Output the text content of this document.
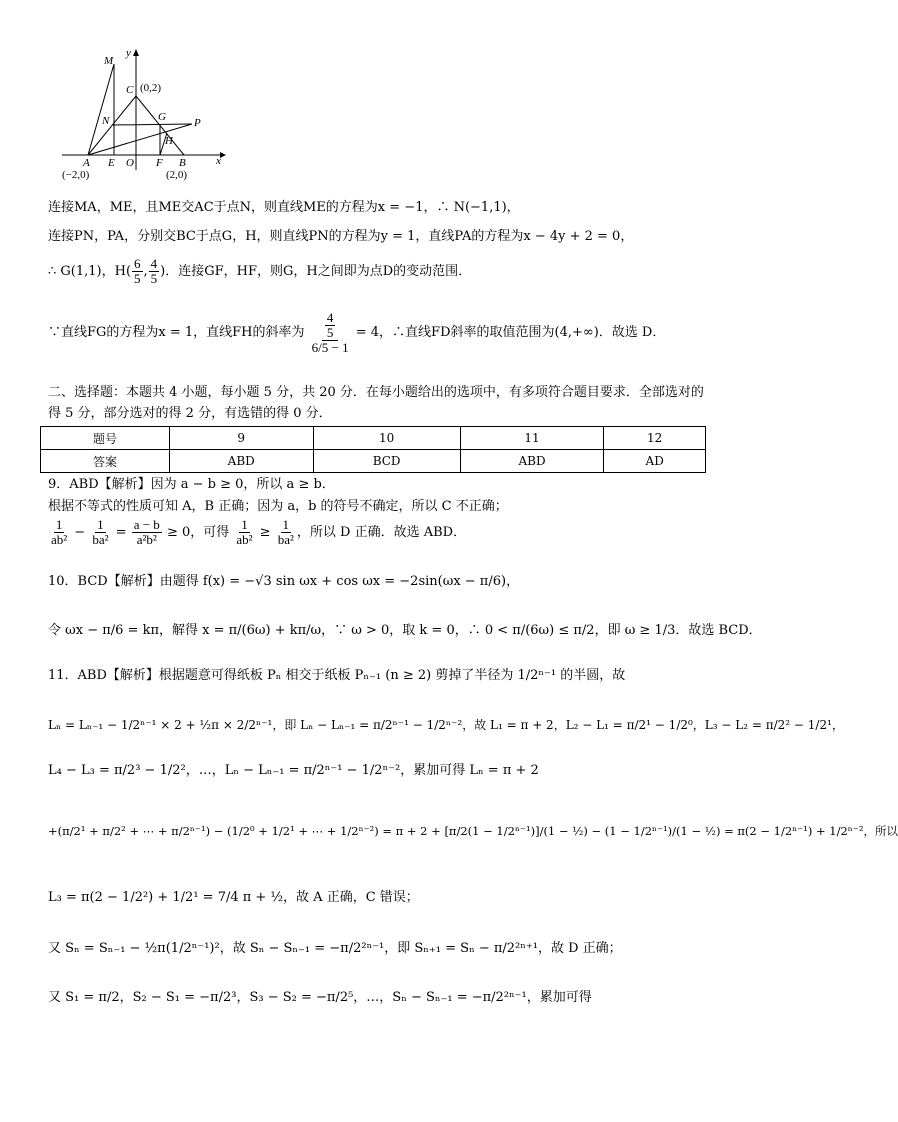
M
y
C (0,2)
N	G	P
H
A E O F B	x
(−2,0)	(2,0)
连接MA，ME，且ME交AC于点N，则直线ME的方程为x = −1，∴ N(−1,1)，
连接PN，PA，分别交BC于点G，H，则直线PN的方程为y = 1，直线PA的方程为x − 4y + 2 = 0，
∴ G(1,1)，$H( \frac{6}{5}$ , $\frac{4}{5}$ )．连接GF，HF，则G，H之间即为点D的变动范围．
∵直线FG的方程为x = 1，直线FH的斜率为 $\frac{\frac{4}{5}}{6/5 - 1} = 4$，∴直线FD斜率的取值范围为(4,+∞)．故选 D．
二、选择题：本题共 4 小题，每小题 5 分，共 20 分．在每小题给出的选项中，有多项符合题目要求．全部选对的
得 5 分，部分选对的得 2 分，有选错的得 0 分．
题号	9	10	11	12
答案	ABD	BCD	ABD	AD
9．ABD【解析】因为 a − b ≥ 0，所以 a ≥ b．
根据不等式的性质可知 A，B 正确；因为 a，b 的符号不确定，所以 C 不正确；
$\frac{1}{\text{ab²}} - \frac{1}{\text{ba²}} = \frac{a - b}{\text{a²b²}} \ge 0$，可得 $\frac{1}{\text{ab²}} \ge \frac{1}{\text{ba²}}$ ，所以 D 正确．故选 ABD．
10．BCD【解析】由题得 f(x) = −√3 sin ωx + cos ωx = −2sin(ωx − π/6)，
令 ωx − π/6 = kπ，解得 x = π/(6ω) + kπ/ω，∵ ω > 0，取 k = 0，∴ 0 < π/(6ω) ≤ π/2，即 ω ≥ 1/3．故选 BCD．
11．ABD【解析】根据题意可得纸板 Pₙ 相交于纸板 Pₙ₋₁ (n ≥ 2) 剪掉了半径为 1/2ⁿ⁻¹ 的半圆，故
Lₙ = Lₙ₋₁ − 1/2ⁿ⁻¹ × 2 + ½π × 2/2ⁿ⁻¹，即 Lₙ − Lₙ₋₁ = π/2ⁿ⁻¹ − 1/2ⁿ⁻²，故 L₁ = π + 2，L₂ − L₁ = π/2¹ − 1/2⁰，L₃ − L₂ = π/2² − 1/2¹，
L₄ − L₃ = π/2³ − 1/2²，…，Lₙ − Lₙ₋₁ = π/2ⁿ⁻¹ − 1/2ⁿ⁻²，累加可得 Lₙ = π + 2
+(π/2¹ + π/2² + ⋯ + π/2ⁿ⁻¹) − (1/2⁰ + 1/2¹ + ⋯ + 1/2ⁿ⁻²) = π + 2 + [π/2(1 − 1/2ⁿ⁻¹)]/(1 − ½) − (1 − 1/2ⁿ⁻¹)/(1 − ½) = π(2 − 1/2ⁿ⁻¹) + 1/2ⁿ⁻²，所以
L₃ = π(2 − 1/2²) + 1/2¹ = 7/4 π + ½，故 A 正确，C 错误；
又 Sₙ = Sₙ₋₁ − ½π(1/2ⁿ⁻¹)²，故 Sₙ − Sₙ₋₁ = −π/2²ⁿ⁻¹，即 Sₙ₊₁ = Sₙ − π/2²ⁿ⁺¹，故 D 正确；
又 S₁ = π/2，S₂ − S₁ = −π/2³，S₃ − S₂ = −π/2⁵，…，Sₙ − Sₙ₋₁ = −π/2²ⁿ⁻¹，累加可得
